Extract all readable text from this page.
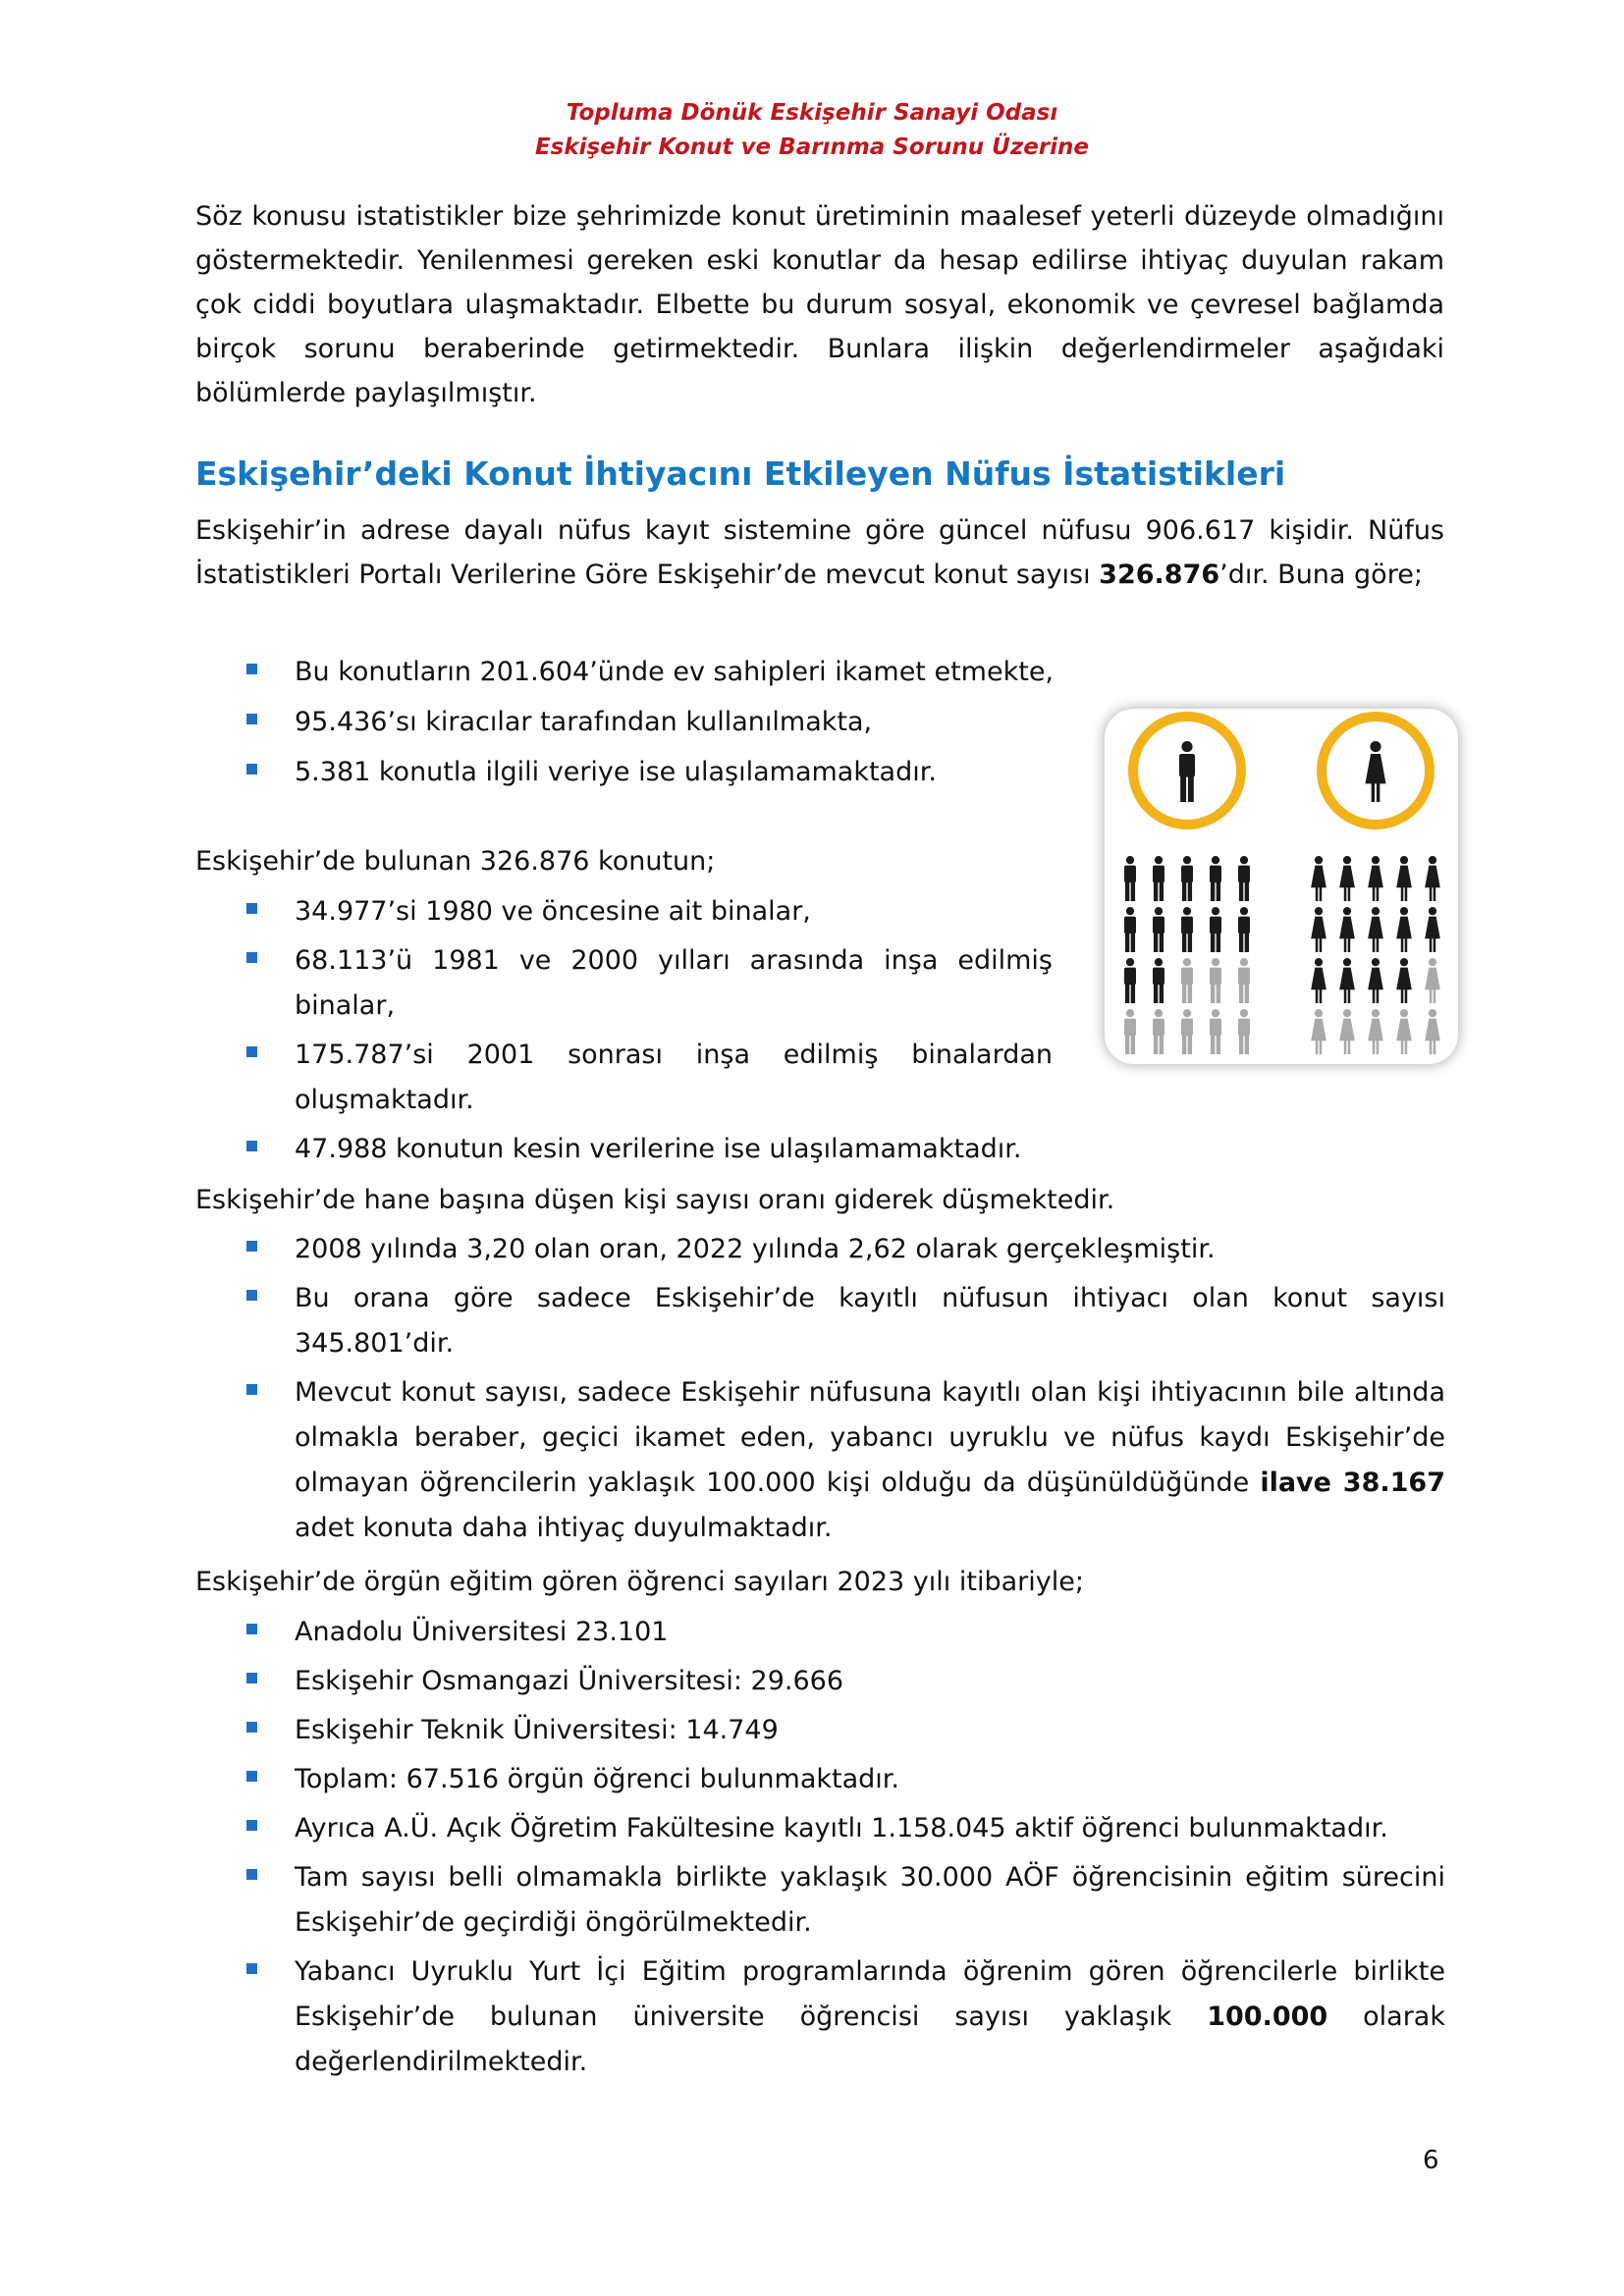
Topluma Dönük Eskişehir Sanayi Odası
Eskişehir Konut ve Barınma Sorunu Üzerine

Söz konusu istatistikler bize şehrimizde konut üretiminin maalesef yeterli düzeyde olmadığını göstermektedir. Yenilenmesi gereken eski konutlar da hesap edilirse ihtiyaç duyulan rakam çok ciddi boyutlara ulaşmaktadır. Elbette bu durum sosyal, ekonomik ve çevresel bağlamda birçok sorunu beraberinde getirmektedir. Bunlara ilişkin değerlendirmeler aşağıdaki bölümlerde paylaşılmıştır.

Eskişehir’deki Konut İhtiyacını Etkileyen Nüfus İstatistikleri

Eskişehir’in adrese dayalı nüfus kayıt sistemine göre güncel nüfusu 906.617 kişidir. Nüfus İstatistikleri Portalı Verilerine Göre Eskişehir’de mevcut konut sayısı 326.876’dır. Buna göre;

Bu konutların 201.604’ünde ev sahipleri ikamet etmekte,
95.436’sı kiracılar tarafından kullanılmakta,
5.381 konutla ilgili veriye ise ulaşılamamaktadır.
Eskişehir’de bulunan 326.876 konutun;
34.977’si 1980 ve öncesine ait binalar,
68.113’ü 1981 ve 2000 yılları arasında inşa edilmiş binalar,
175.787’si 2001 sonrası inşa edilmiş binalardan oluşmaktadır.
47.988 konutun kesin verilerine ise ulaşılamamaktadır.
Eskişehir’de hane başına düşen kişi sayısı oranı giderek düşmektedir.
2008 yılında 3,20 olan oran, 2022 yılında 2,62 olarak gerçekleşmiştir.
Bu orana göre sadece Eskişehir’de kayıtlı nüfusun ihtiyacı olan konut sayısı 345.801’dir.
Mevcut konut sayısı, sadece Eskişehir nüfusuna kayıtlı olan kişi ihtiyacının bile altında olmakla beraber, geçici ikamet eden, yabancı uyruklu ve nüfus kaydı Eskişehir’de olmayan öğrencilerin yaklaşık 100.000 kişi olduğu da düşünüldüğünde ilave 38.167 adet konuta daha ihtiyaç duyulmaktadır.
Eskişehir’de örgün eğitim gören öğrenci sayıları 2023 yılı itibariyle;
Anadolu Üniversitesi 23.101
Eskişehir Osmangazi Üniversitesi: 29.666
Eskişehir Teknik Üniversitesi: 14.749
Toplam: 67.516 örgün öğrenci bulunmaktadır.
Ayrıca A.Ü. Açık Öğretim Fakültesine kayıtlı 1.158.045 aktif öğrenci bulunmaktadır.
Tam sayısı belli olmamakla birlikte yaklaşık 30.000 AÖF öğrencisinin eğitim sürecini Eskişehir’de geçirdiği öngörülmektedir.
Yabancı Uyruklu Yurt İçi Eğitim programlarında öğrenim gören öğrencilerle birlikte Eskişehir’de bulunan üniversite öğrencisi sayısı yaklaşık 100.000 olarak değerlendirilmektedir.
6
